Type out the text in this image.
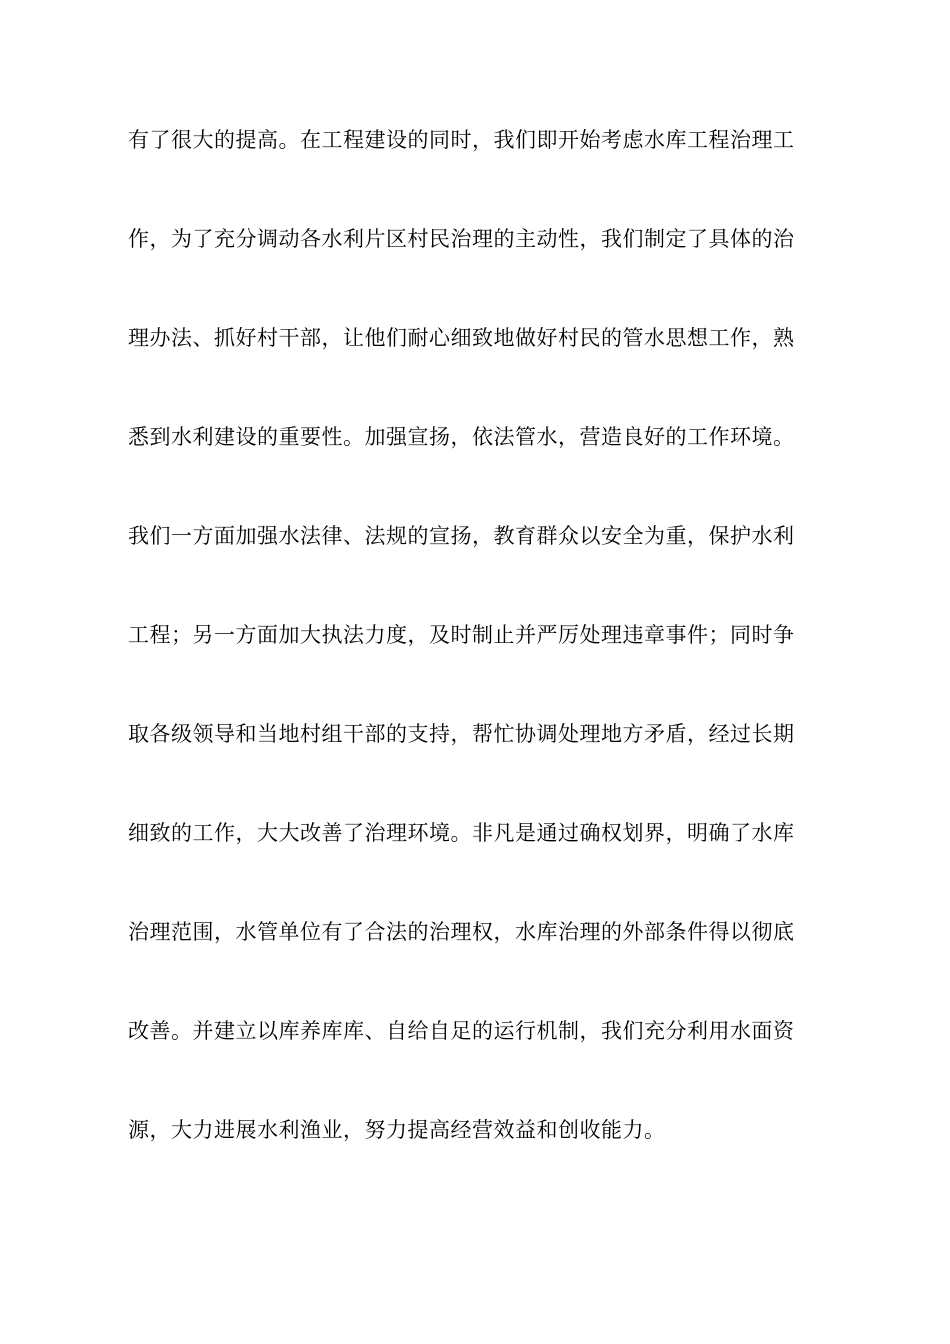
有了很大的提高。在工程建设的同时，我们即开始考虑水库工程治理工
作，为了充分调动各水利片区村民治理的主动性，我们制定了具体的治
理办法、抓好村干部，让他们耐心细致地做好村民的管水思想工作，熟
悉到水利建设的重要性。加强宣扬，依法管水，营造良好的工作环境。
我们一方面加强水法律、法规的宣扬，教育群众以安全为重，保护水利
工程；另一方面加大执法力度，及时制止并严厉处理违章事件；同时争
取各级领导和当地村组干部的支持，帮忙协调处理地方矛盾，经过长期
细致的工作，大大改善了治理环境。非凡是通过确权划界，明确了水库
治理范围，水管单位有了合法的治理权，水库治理的外部条件得以彻底
改善。并建立以库养库库、自给自足的运行机制，我们充分利用水面资
源，大力进展水利渔业，努力提高经营效益和创收能力。
